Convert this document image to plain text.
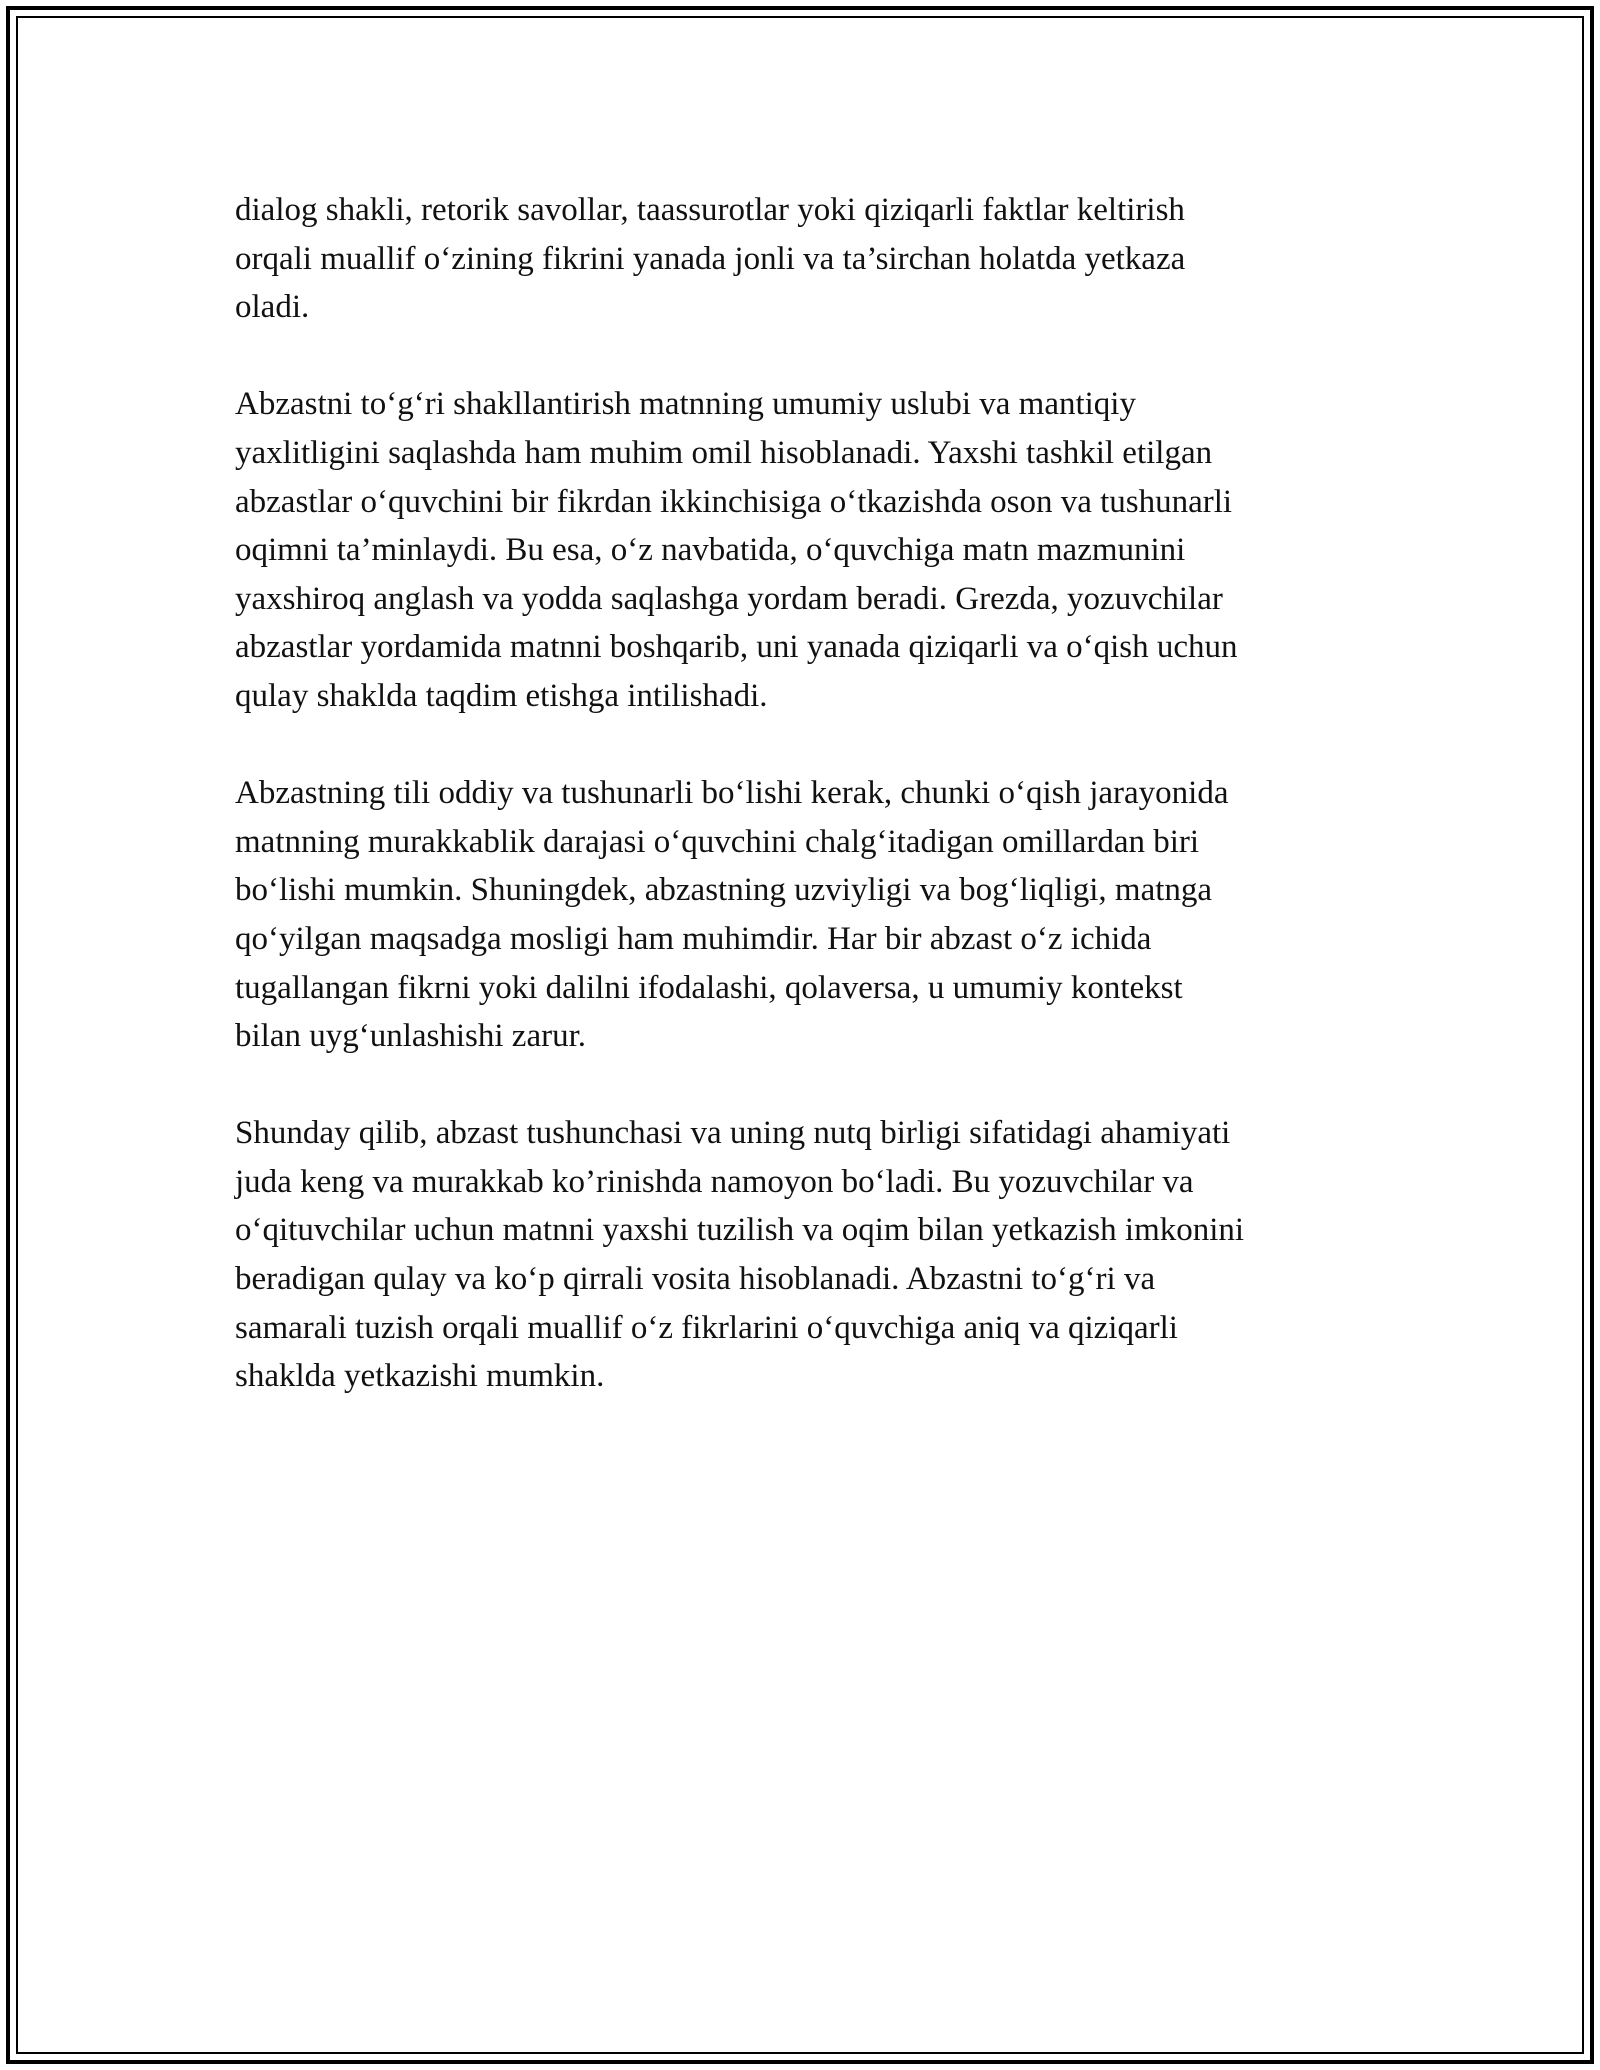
dialog shakli, retorik savollar, taassurotlar yoki qiziqarli faktlar keltirish
orqali muallif o‘zining fikrini yanada jonli va ta’sirchan holatda yetkaza
oladi.

Abzastni to‘g‘ri shakllantirish matnning umumiy uslubi va mantiqiy
yaxlitligini saqlashda ham muhim omil hisoblanadi. Yaxshi tashkil etilgan
abzastlar o‘quvchini bir fikrdan ikkinchisiga o‘tkazishda oson va tushunarli
oqimni ta’minlaydi. Bu esa, o‘z navbatida, o‘quvchiga matn mazmunini
yaxshiroq anglash va yodda saqlashga yordam beradi. Grezda, yozuvchilar
abzastlar yordamida matnni boshqarib, uni yanada qiziqarli va o‘qish uchun
qulay shaklda taqdim etishga intilishadi.

Abzastning tili oddiy va tushunarli bo‘lishi kerak, chunki o‘qish jarayonida
matnning murakkablik darajasi o‘quvchini chalg‘itadigan omillardan biri
bo‘lishi mumkin. Shuningdek, abzastning uzviyligi va bog‘liqligi, matnga
qo‘yilgan maqsadga mosligi ham muhimdir. Har bir abzast o‘z ichida
tugallangan fikrni yoki dalilni ifodalashi, qolaversa, u umumiy kontekst
bilan uyg‘unlashishi zarur.

Shunday qilib, abzast tushunchasi va uning nutq birligi sifatidagi ahamiyati
juda keng va murakkab ko’rinishda namoyon bo‘ladi. Bu yozuvchilar va
o‘qituvchilar uchun matnni yaxshi tuzilish va oqim bilan yetkazish imkonini
beradigan qulay va ko‘p qirrali vosita hisoblanadi. Abzastni to‘g‘ri va
samarali tuzish orqali muallif o‘z fikrlarini o‘quvchiga aniq va qiziqarli
shaklda yetkazishi mumkin.
